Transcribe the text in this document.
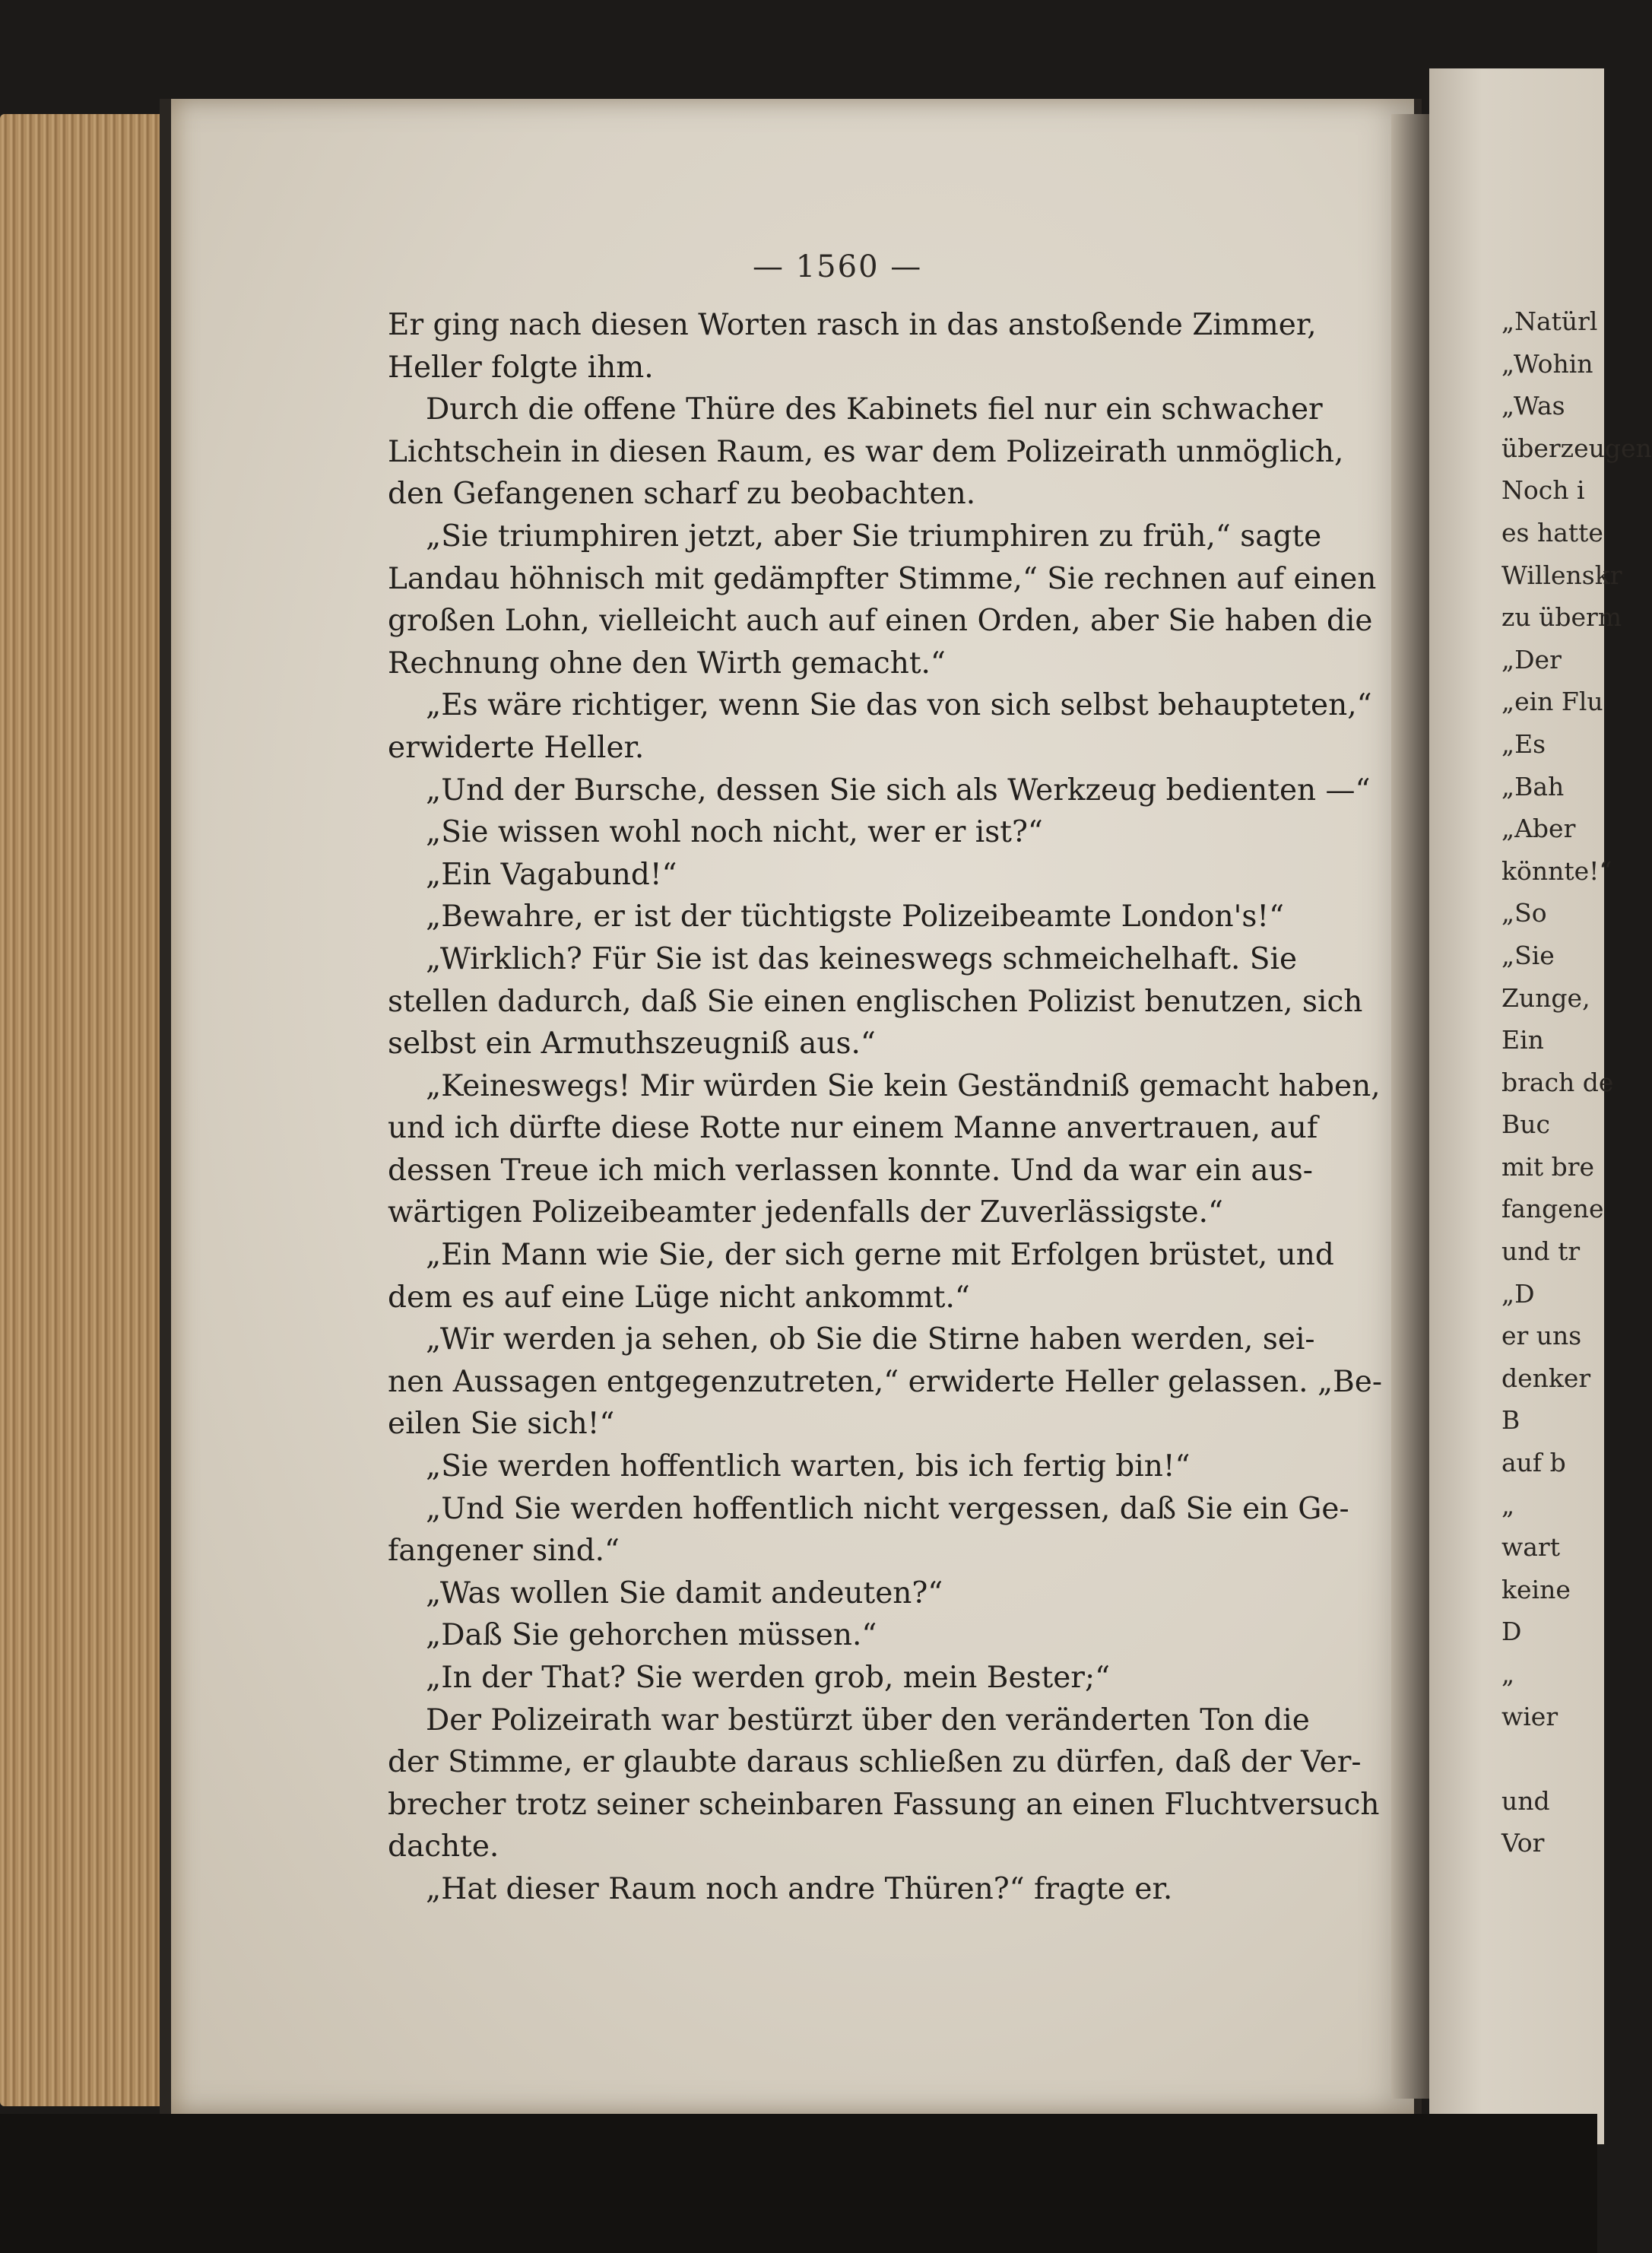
— 1560 —
Er ging nach diesen Worten rasch in das anstoßende Zimmer,
Heller folgte ihm.
Durch die offene Thüre des Kabinets fiel nur ein schwacher
Lichtschein in diesen Raum, es war dem Polizeirath unmöglich,
den Gefangenen scharf zu beobachten.
„Sie triumphiren jetzt, aber Sie triumphiren zu früh,“ sagte
Landau höhnisch mit gedämpfter Stimme,“ Sie rechnen auf einen
großen Lohn, vielleicht auch auf einen Orden, aber Sie haben die
Rechnung ohne den Wirth gemacht.“
„Es wäre richtiger, wenn Sie das von sich selbst behaupteten,“
erwiderte Heller.
„Und der Bursche, dessen Sie sich als Werkzeug bedienten —“
„Sie wissen wohl noch nicht, wer er ist?“
„Ein Vagabund!“
„Bewahre, er ist der tüchtigste Polizeibeamte London's!“
„Wirklich? Für Sie ist das keineswegs schmeichelhaft. Sie
stellen dadurch, daß Sie einen englischen Polizist benutzen, sich
selbst ein Armuthszeugniß aus.“
„Keineswegs! Mir würden Sie kein Geständniß gemacht haben,
und ich dürfte diese Rotte nur einem Manne anvertrauen, auf
dessen Treue ich mich verlassen konnte. Und da war ein aus-
wärtigen Polizeibeamter jedenfalls der Zuverlässigste.“
„Ein Mann wie Sie, der sich gerne mit Erfolgen brüstet, und
dem es auf eine Lüge nicht ankommt.“
„Wir werden ja sehen, ob Sie die Stirne haben werden, sei-
nen Aussagen entgegenzutreten,“ erwiderte Heller gelassen. „Be-
eilen Sie sich!“
„Sie werden hoffentlich warten, bis ich fertig bin!“
„Und Sie werden hoffentlich nicht vergessen, daß Sie ein Ge-
fangener sind.“
„Was wollen Sie damit andeuten?“
„Daß Sie gehorchen müssen.“
„In der That? Sie werden grob, mein Bester;“
Der Polizeirath war bestürzt über den veränderten Ton die
der Stimme, er glaubte daraus schließen zu dürfen, daß der Ver-
brecher trotz seiner scheinbaren Fassung an einen Fluchtversuch
dachte.
„Hat dieser Raum noch andre Thüren?“ fragte er.
„Natürl
„Wohin
„Was
überzeugen
Noch i
es hatte
Willenskr
zu überm
„Der
„ein Flu
„Es
„Bah
„Aber
könnte!“
„So
„Sie
Zunge,
Ein
brach de
Buc
mit bre
fangene
und tr
„D
er uns
denker
B
auf b
„
wart
keine
D
„
wier
und
Vor
